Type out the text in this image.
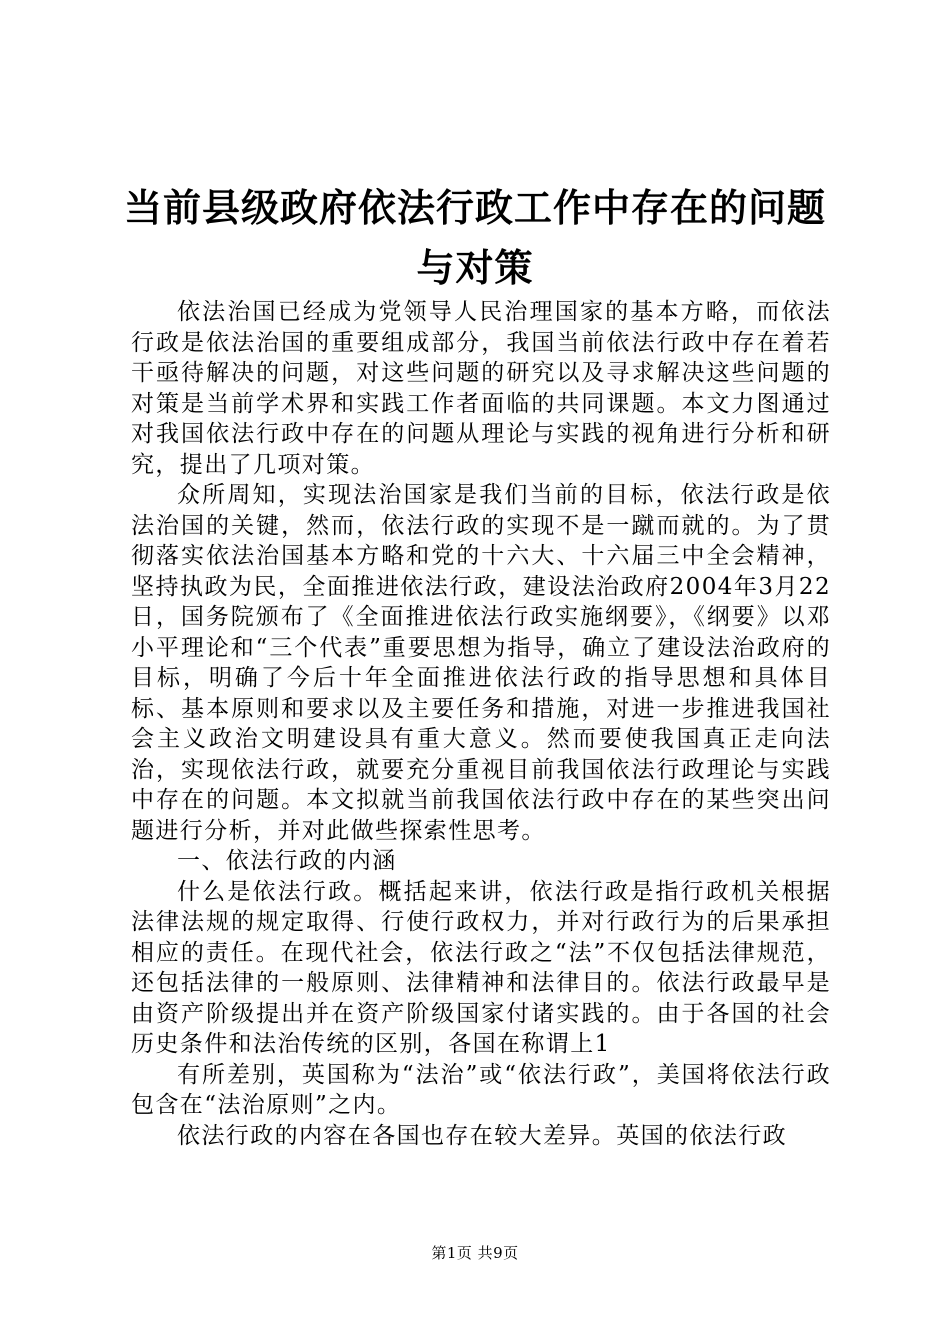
当前县级政府依法行政工作中存在的问题与对策

依法治国已经成为党领导人民治理国家的基本方略，而依法行政是依法治国的重要组成部分，我国当前依法行政中存在着若干亟待解决的问题，对这些问题的研究以及寻求解决这些问题的对策是当前学术界和实践工作者面临的共同课题。本文力图通过对我国依法行政中存在的问题从理论与实践的视角进行分析和研究，提出了几项对策。

众所周知，实现法治国家是我们当前的目标，依法行政是依法治国的关键，然而，依法行政的实现不是一蹴而就的。为了贯彻落实依法治国基本方略和党的十六大、十六届三中全会精神，坚持执政为民，全面推进依法行政，建设法治政府2004年3月22日，国务院颁布了《全面推进依法行政实施纲要》，《纲要》以邓小平理论和“三个代表”重要思想为指导，确立了建设法治政府的目标，明确了今后十年全面推进依法行政的指导思想和具体目标、基本原则和要求以及主要任务和措施，对进一步推进我国社会主义政治文明建设具有重大意义。然而要使我国真正走向法治，实现依法行政，就要充分重视目前我国依法行政理论与实践中存在的问题。本文拟就当前我国依法行政中存在的某些突出问题进行分析，并对此做些探索性思考。

一、依法行政的内涵

什么是依法行政。概括起来讲，依法行政是指行政机关根据法律法规的规定取得、行使行政权力，并对行政行为的后果承担相应的责任。在现代社会，依法行政之“法”不仅包括法律规范，还包括法律的一般原则、法律精神和法律目的。依法行政最早是由资产阶级提出并在资产阶级国家付诸实践的。由于各国的社会历史条件和法治传统的区别，各国在称谓上1

有所差别，英国称为“法治”或“依法行政”，美国将依法行政包含在“法治原则”之内。

依法行政的内容在各国也存在较大差异。英国的依法行政

第1页 共9页
